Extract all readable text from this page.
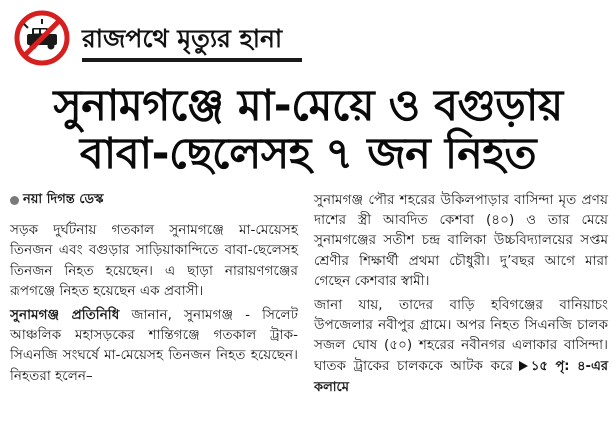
রাজপথে মৃত্যুর হানা
সুনামগঞ্জে মা-মেয়ে ও বগুড়ায়
বাবা-ছেলেসহ ৭ জন নিহত

নয়া দিগন্ত ডেস্ক

সড়ক দুর্ঘটনায় গতকাল সুনামগঞ্জে মা-মেয়েসহ তিনজন এবং বগুড়ার সাড়িয়াকান্দিতে বাবা-ছেলেসহ তিনজন নিহত হয়েছেন। এ ছাড়া নারায়ণগঞ্জের রূপগঞ্জে নিহত হয়েছেন এক প্রবাসী।

সুনামগঞ্জ প্রতিনিধি জানান, সুনামগঞ্জ - সিলেট আঞ্চলিক মহাসড়কের শান্তিগঞ্জে গতকাল ট্রাক-সিএনজি সংঘর্ষে মা-মেয়েসহ তিনজন নিহত হয়েছেন। নিহতরা হলেন–

সুনামগঞ্জ পৌর শহরের উকিলপাড়ার বাসিন্দা মৃত প্রণয় দাশের স্ত্রী আবদিত কেশবা (৪০) ও তার মেয়ে সুনামগঞ্জের সতীশ চন্দ্র বালিকা উচ্চবিদ্যালয়ের সপ্তম শ্রেণীর শিক্ষার্থী প্রথমা চৌধুরী। দু’বছর আগে মারা গেছেন কেশবার স্বামী।

জানা যায়, তাদের বাড়ি হবিগঞ্জের বানিয়াচং উপজেলার নবীপুর গ্রামে। অপর নিহত সিএনজি চালক সজল ঘোষ (৫০) শহরের নবীনগর এলাকার বাসিন্দা। ঘাতক ট্রাকের চালককে আটক করে ১৫ পৃ: ৪-এর কলামে
